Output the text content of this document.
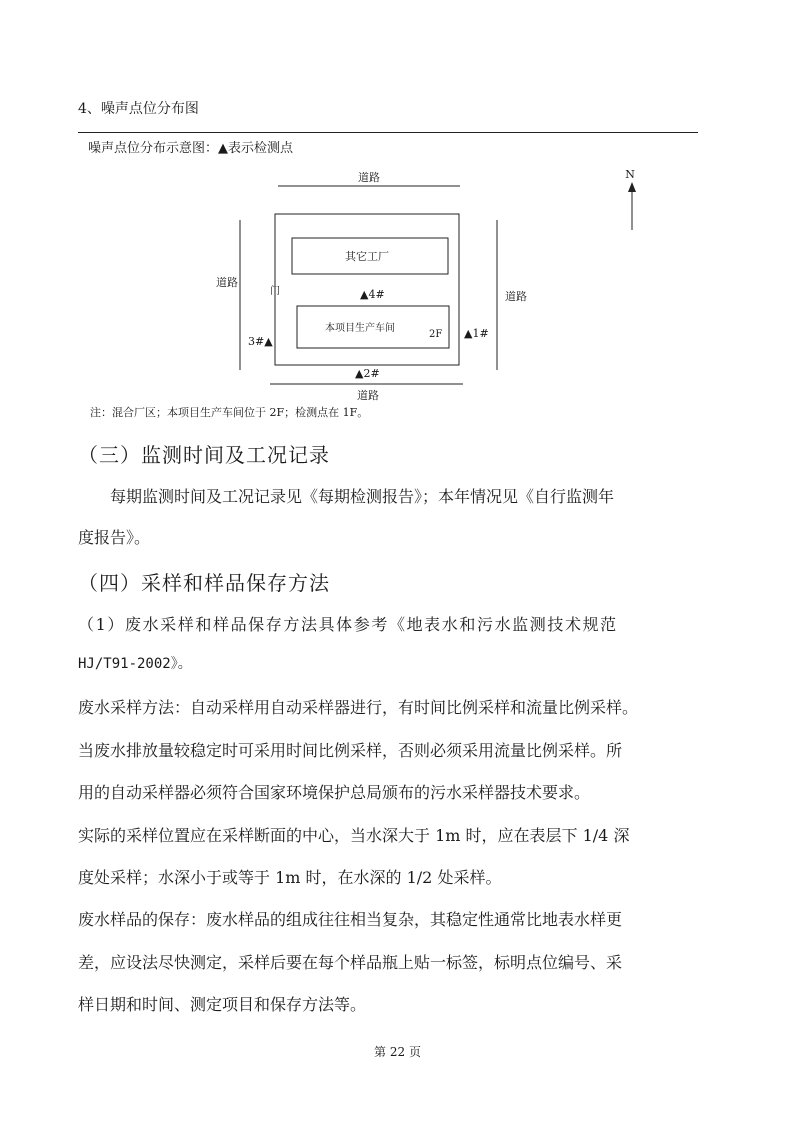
4、噪声点位分布图
噪声点位分布示意图：▲表示检测点
道路
道路
道路
道路
其它工厂
本项目生产车间
2F
门	▲4#
▲1#
3#▲
▲2#
N
注：混合厂区；本项目生产车间位于 2F；检测点在 1F。
（三）监测时间及工况记录
每期监测时间及工况记录见《每期检测报告》；本年情况见《自行监测年
度报告》。
（四）采样和样品保存方法
（1）废水采样和样品保存方法具体参考《地表水和污水监测技术规范
HJ/T91-2002》。
废水采样方法：自动采样用自动采样器进行，有时间比例采样和流量比例采样。
当废水排放量较稳定时可采用时间比例采样，否则必须采用流量比例采样。所
用的自动采样器必须符合国家环境保护总局颁布的污水采样器技术要求。
实际的采样位置应在采样断面的中心，当水深大于 1m 时，应在表层下 1/4 深
度处采样；水深小于或等于 1m 时，在水深的 1/2 处采样。
废水样品的保存：废水样品的组成往往相当复杂，其稳定性通常比地表水样更
差，应设法尽快测定，采样后要在每个样品瓶上贴一标签，标明点位编号、采
样日期和时间、测定项目和保存方法等。
第 22 页
